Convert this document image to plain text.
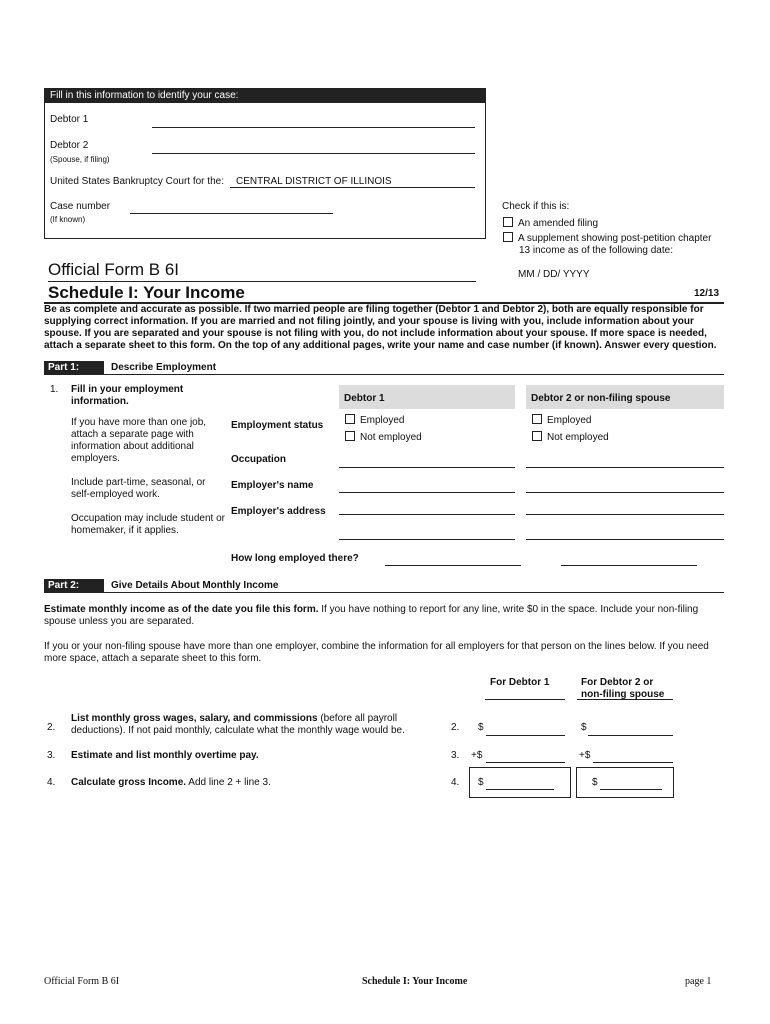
Fill in this information to identify your case:
Debtor 1
Debtor 2
(Spouse, if filing)
United States Bankruptcy Court for the: CENTRAL DISTRICT OF ILLINOIS
Case number
(If known)
Check if this is:
An amended filing
A supplement showing post-petition chapter
13 income as of the following date:
MM / DD/ YYYY
Official Form B 6I
Schedule I: Your Income	12/13
Be as complete and accurate as possible. If two married people are filing together (Debtor 1 and Debtor 2), both are equally responsible for supplying correct information. If you are married and not filing jointly, and your spouse is living with you, include information about your spouse. If you are separated and your spouse is not filing with you, do not include information about your spouse. If more space is needed, attach a separate sheet to this form. On the top of any additional pages, write your name and case number (if known). Answer every question.
Part 1:	Describe Employment
1. Fill in your employment information.
If you have more than one job, attach a separate page with information about additional employers.
Include part-time, seasonal, or self-employed work.
Occupation may include student or homemaker, if it applies.
Debtor 1	Debtor 2 or non-filing spouse
Employment status	Employed
Not employed
Employed
Not employed
Occupation
Employer's name
Employer's address
How long employed there?
Part 2:	Give Details About Monthly Income
Estimate monthly income as of the date you file this form. If you have nothing to report for any line, write $0 in the space. Include your non-filing spouse unless you are separated.
If you or your non-filing spouse have more than one employer, combine the information for all employers for that person on the lines below. If you need more space, attach a separate sheet to this form.
For Debtor 1	For Debtor 2 or
non-filing spouse
2.
List monthly gross wages, salary, and commissions (before all payroll deductions). If not paid monthly, calculate what the monthly wage would be.	2. $	$
3. Estimate and list monthly overtime pay.	3. +$	+$
4. Calculate gross Income. Add line 2 + line 3.	4. $	$
Official Form B 6I	Schedule I: Your Income	page 1
